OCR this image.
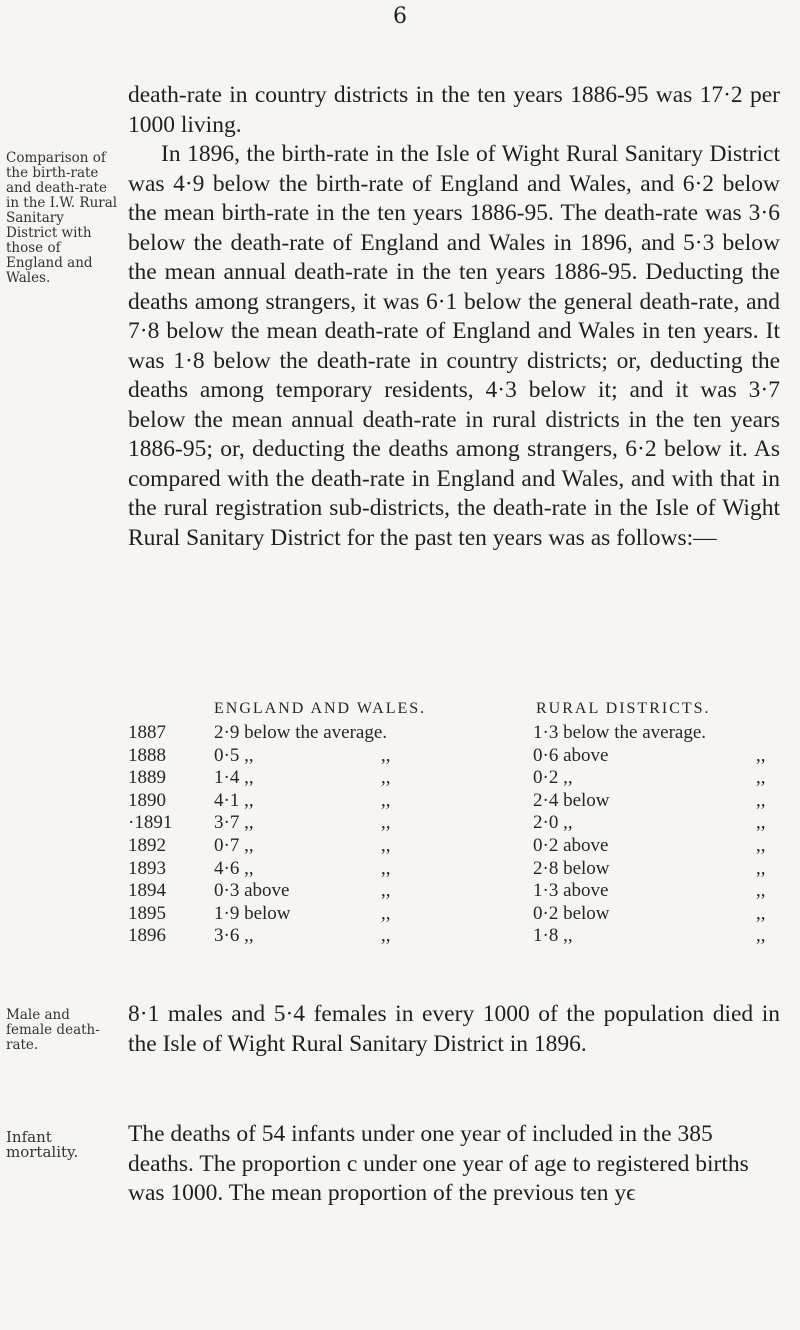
6

death-rate in country districts in the ten years 1886-95 was 17·2 per 1000 living.

Comparison of the birth-rate and death-rate in the I.W. Rural Sanitary District with those of England and Wales.

In 1896, the birth-rate in the Isle of Wight Rural Sanitary District was 4·9 below the birth-rate of England and Wales, and 6·2 below the mean birth-rate in the ten years 1886-95. The death-rate was 3·6 below the death-rate of England and Wales in 1896, and 5·3 below the mean annual death-rate in the ten years 1886-95. Deducting the deaths among strangers, it was 6·1 below the general death-rate, and 7·8 below the mean death-rate of England and Wales in ten years. It was 1·8 below the death-rate in country districts; or, deducting the deaths among temporary residents, 4·3 below it; and it was 3·7 below the mean annual death-rate in rural districts in the ten years 1886-95; or, deducting the deaths among strangers, 6·2 below it. As compared with the death-rate in England and Wales, and with that in the rural registration sub-districts, the death-rate in the Isle of Wight Rural Sanitary District for the past ten years was as follows:—

ENGLAND AND WALES.	RURAL DISTRICTS.
1887	2·9 below the average.	1·3 below the average.
1888	0·5 ,,	,,	0·6 above	,,
1889	1·4 ,,	,,	0·2 ,,	,,
1890	4·1 ,,	,,	2·4 below	,,
·1891 3·7 ,,	,,	2·0 ,,	,,
1892	0·7 ,,	,,	0·2 above	,,
1893	4·6 ,,	,,	2·8 below	,,
1894	0·3 above	,,	1·3 above	,,
1895	1·9 below	,,	0·2 below	,,
1896	3·6 ,,	,,	1·8 ,,	,,
Male and female death-rate.

8·1 males and 5·4 females in every 1000 of the population died in the Isle of Wight Rural Sanitary District in 1896.

Infant mortality.

The deaths of 54 infants under one year of included in the 385 deaths. The proportion c under one year of age to registered births was 1000. The mean proportion of the previous ten yϵ
